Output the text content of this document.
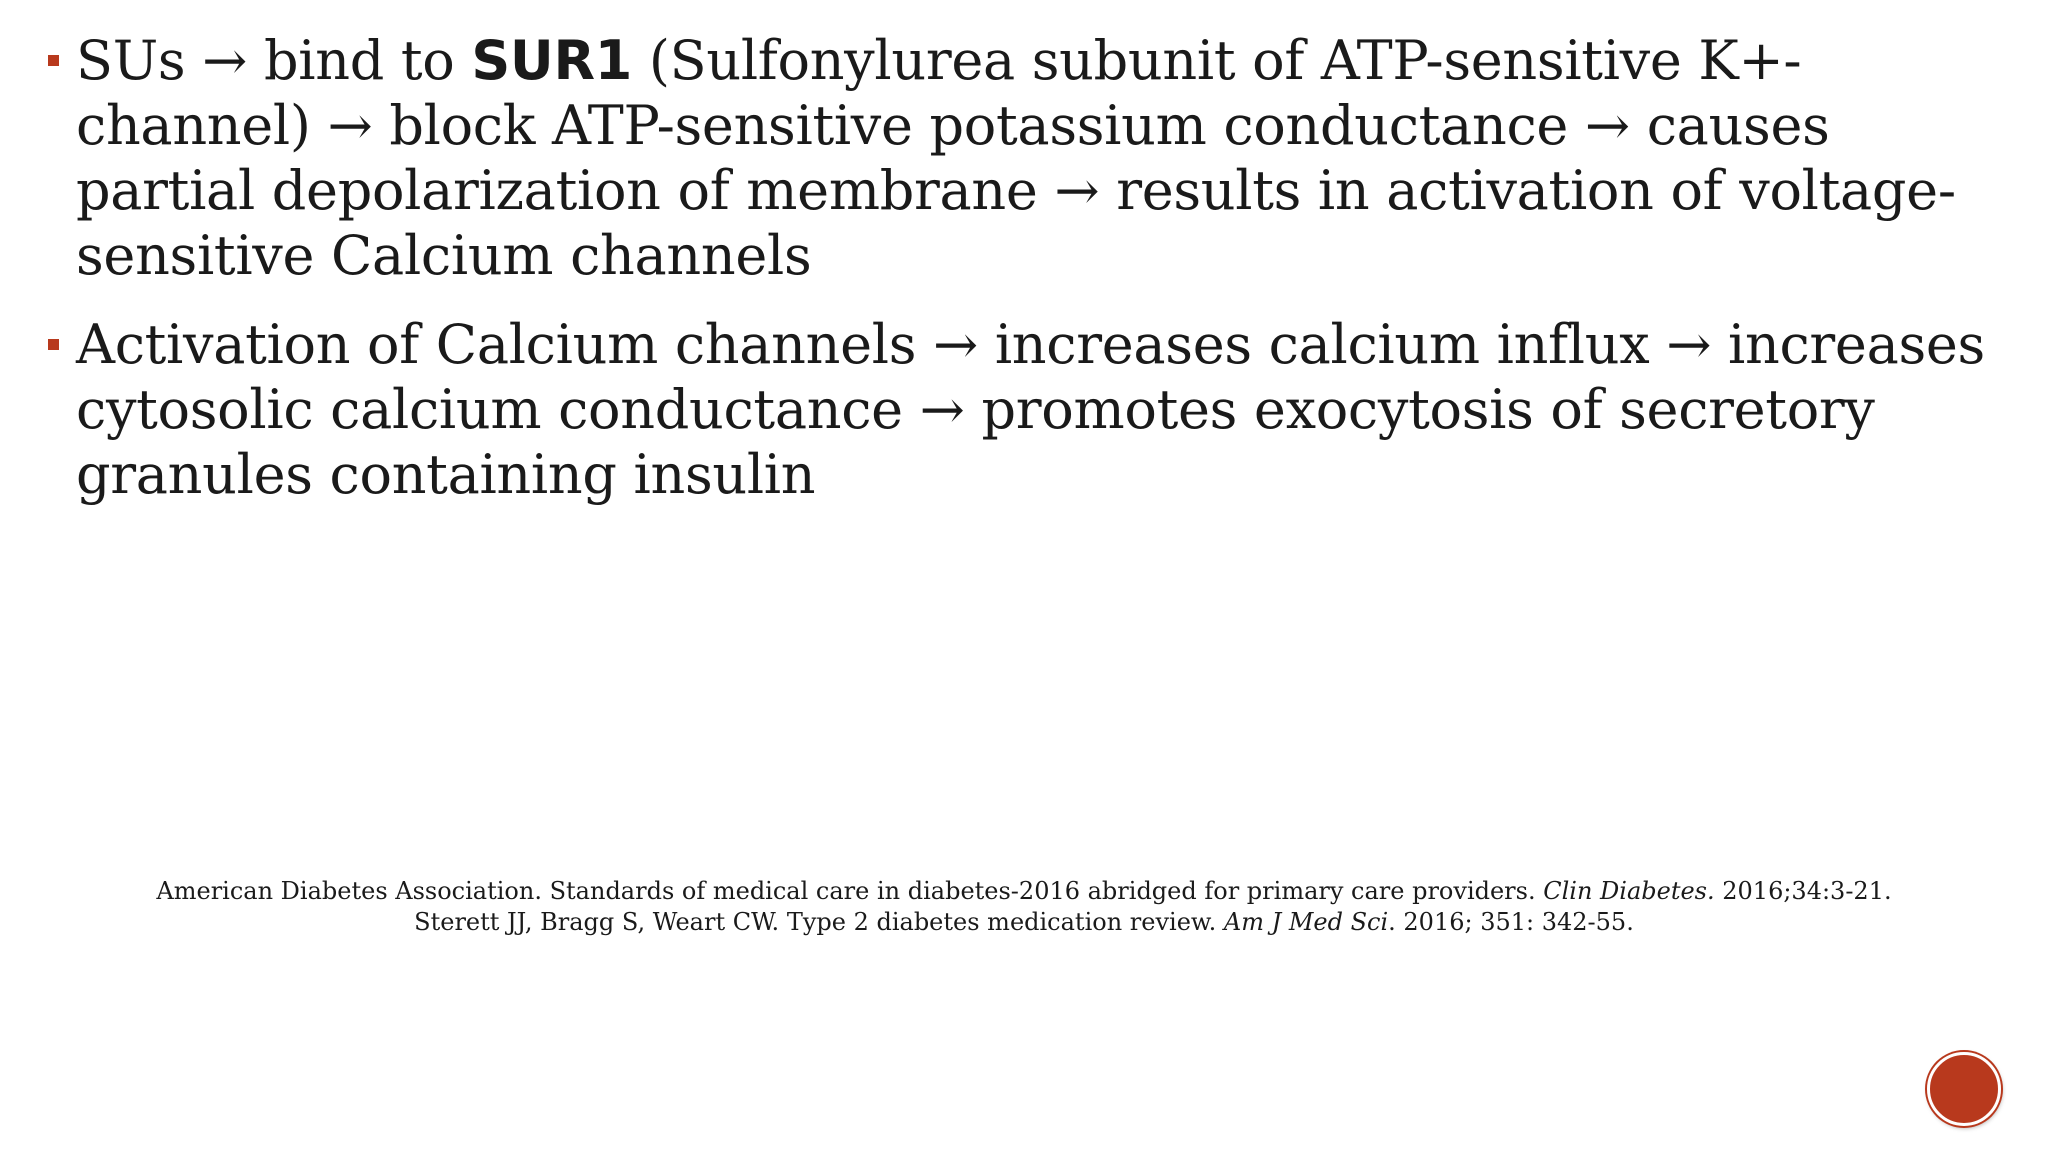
SUs → bind to SUR1 (Sulfonylurea subunit of ATP-sensitive K+-channel) → block ATP-sensitive potassium conductance → causes partial depolarization of membrane → results in activation of voltage-sensitive Calcium channels
Activation of Calcium channels → increases calcium influx → increases cytosolic calcium conductance → promotes exocytosis of secretory granules containing insulin
American Diabetes Association. Standards of medical care in diabetes-2016 abridged for primary care providers. Clin Diabetes. 2016;34:3-21.
Sterett JJ, Bragg S, Weart CW. Type 2 diabetes medication review. Am J Med Sci. 2016; 351: 342-55.
